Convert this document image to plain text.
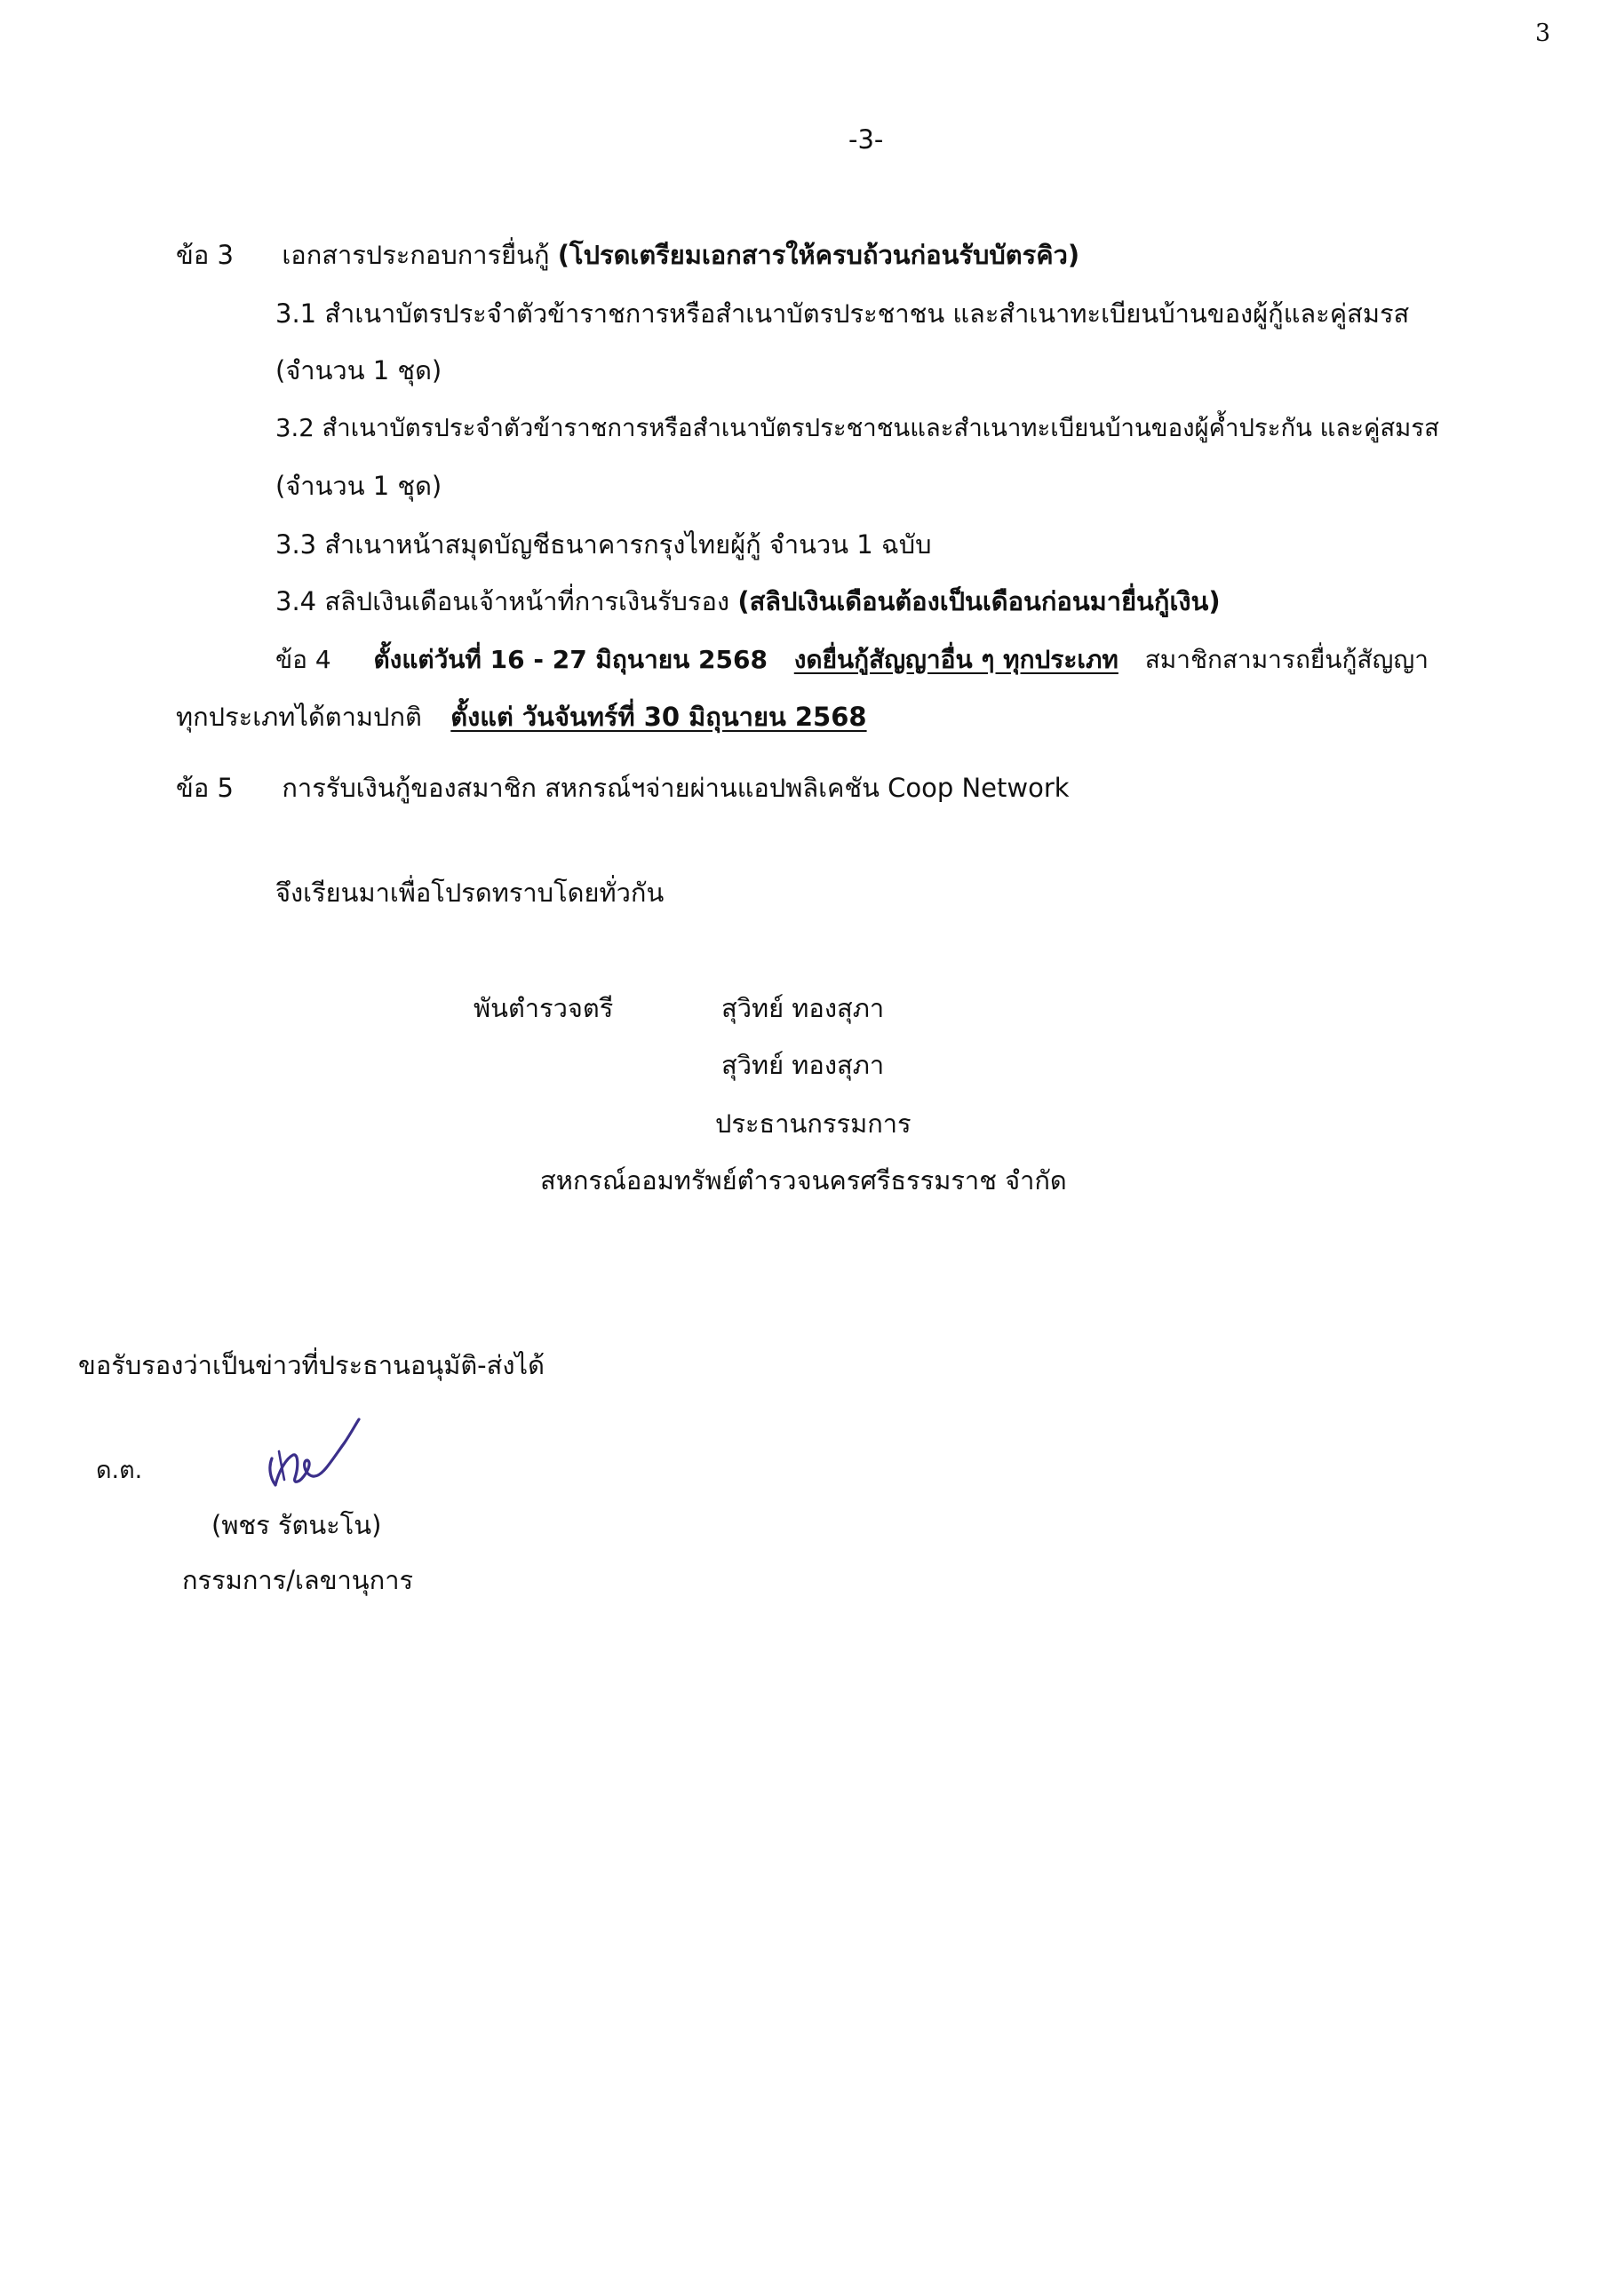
3
-3-
ข้อ 3 เอกสารประกอบการยื่นกู้ (โปรดเตรียมเอกสารให้ครบถ้วนก่อนรับบัตรคิว)
3.1 สำเนาบัตรประจำตัวข้าราชการหรือสำเนาบัตรประชาชน และสำเนาทะเบียนบ้านของผู้กู้และคู่สมรส
(จำนวน 1 ชุด)
3.2 สำเนาบัตรประจำตัวข้าราชการหรือสำเนาบัตรประชาชนและสำเนาทะเบียนบ้านของผู้ค้ำประกัน และคู่สมรส
(จำนวน 1 ชุด)
3.3 สำเนาหน้าสมุดบัญชีธนาคารกรุงไทยผู้กู้ จำนวน 1 ฉบับ
3.4 สลิปเงินเดือนเจ้าหน้าที่การเงินรับรอง (สลิปเงินเดือนต้องเป็นเดือนก่อนมายื่นกู้เงิน)
ข้อ 4 ตั้งแต่วันที่ 16 - 27 มิถุนายน 2568 งดยื่นกู้สัญญาอื่น ๆ ทุกประเภท สมาชิกสามารถยื่นกู้สัญญา
ทุกประเภทได้ตามปกติ ตั้งแต่ วันจันทร์ที่ 30 มิถุนายน 2568
ข้อ 5 การรับเงินกู้ของสมาชิก สหกรณ์ฯจ่ายผ่านแอปพลิเคชัน Coop Network
จึงเรียนมาเพื่อโปรดทราบโดยทั่วกัน
พันตำรวจตรี	สุวิทย์ ทองสุภา
สุวิทย์ ทองสุภา
ประธานกรรมการ
สหกรณ์ออมทรัพย์ตำรวจนครศรีธรรมราช จำกัด
ขอรับรองว่าเป็นข่าวที่ประธานอนุมัติ-ส่งได้
ด.ต.
(พชร รัตนะโน)
กรรมการ/เลขานุการ
